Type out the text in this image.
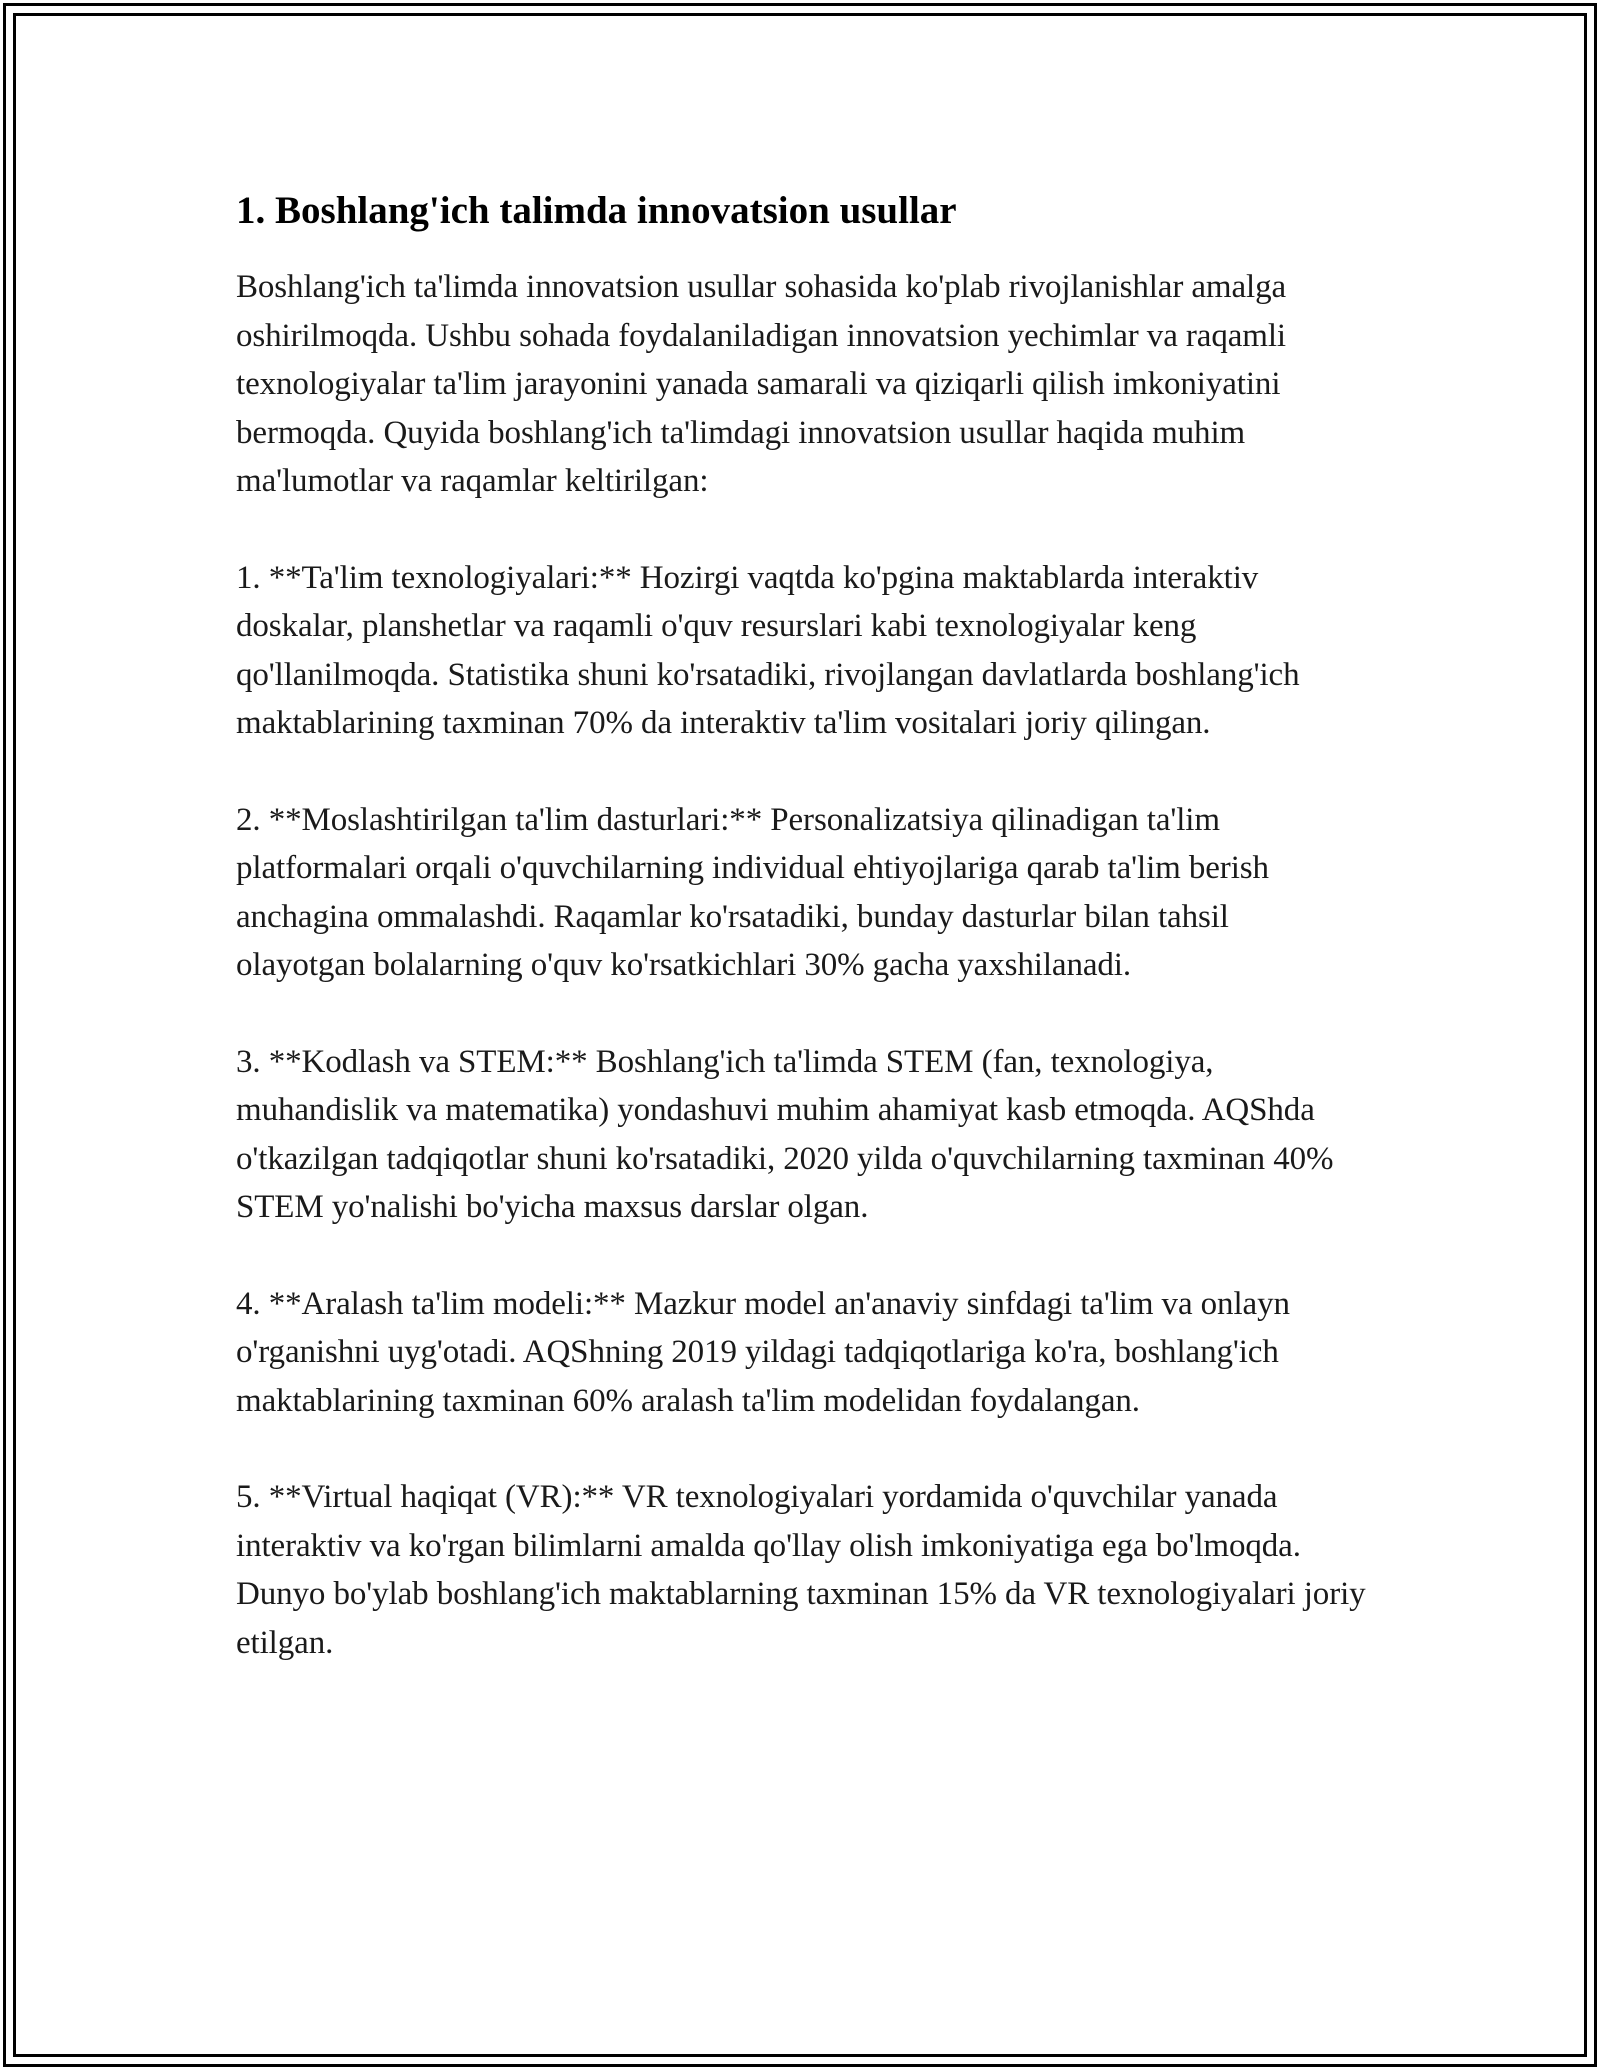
1. Boshlang'ich talimda innovatsion usullar

Boshlang'ich ta'limda innovatsion usullar sohasida ko'plab rivojlanishlar amalga oshirilmoqda. Ushbu sohada foydalaniladigan innovatsion yechimlar va raqamli texnologiyalar ta'lim jarayonini yanada samarali va qiziqarli qilish imkoniyatini bermoqda. Quyida boshlang'ich ta'limdagi innovatsion usullar haqida muhim ma'lumotlar va raqamlar keltirilgan:

1. **Ta'lim texnologiyalari:** Hozirgi vaqtda ko'pgina maktablarda interaktiv doskalar, planshetlar va raqamli o'quv resurslari kabi texnologiyalar keng qo'llanilmoqda. Statistika shuni ko'rsatadiki, rivojlangan davlatlarda boshlang'ich maktablarining taxminan 70% da interaktiv ta'lim vositalari joriy qilingan.

2. **Moslashtirilgan ta'lim dasturlari:** Personalizatsiya qilinadigan ta'lim platformalari orqali o'quvchilarning individual ehtiyojlariga qarab ta'lim berish anchagina ommalashdi. Raqamlar ko'rsatadiki, bunday dasturlar bilan tahsil olayotgan bolalarning o'quv ko'rsatkichlari 30% gacha yaxshilanadi.

3. **Kodlash va STEM:** Boshlang'ich ta'limda STEM (fan, texnologiya, muhandislik va matematika) yondashuvi muhim ahamiyat kasb etmoqda. AQShda o'tkazilgan tadqiqotlar shuni ko'rsatadiki, 2020 yilda o'quvchilarning taxminan 40% STEM yo'nalishi bo'yicha maxsus darslar olgan.

4. **Aralash ta'lim modeli:** Mazkur model an'anaviy sinfdagi ta'lim va onlayn o'rganishni uyg'otadi. AQShning 2019 yildagi tadqiqotlariga ko'ra, boshlang'ich maktablarining taxminan 60% aralash ta'lim modelidan foydalangan.

5. **Virtual haqiqat (VR):** VR texnologiyalari yordamida o'quvchilar yanada interaktiv va ko'rgan bilimlarni amalda qo'llay olish imkoniyatiga ega bo'lmoqda. Dunyo bo'ylab boshlang'ich maktablarning taxminan 15% da VR texnologiyalari joriy etilgan.
